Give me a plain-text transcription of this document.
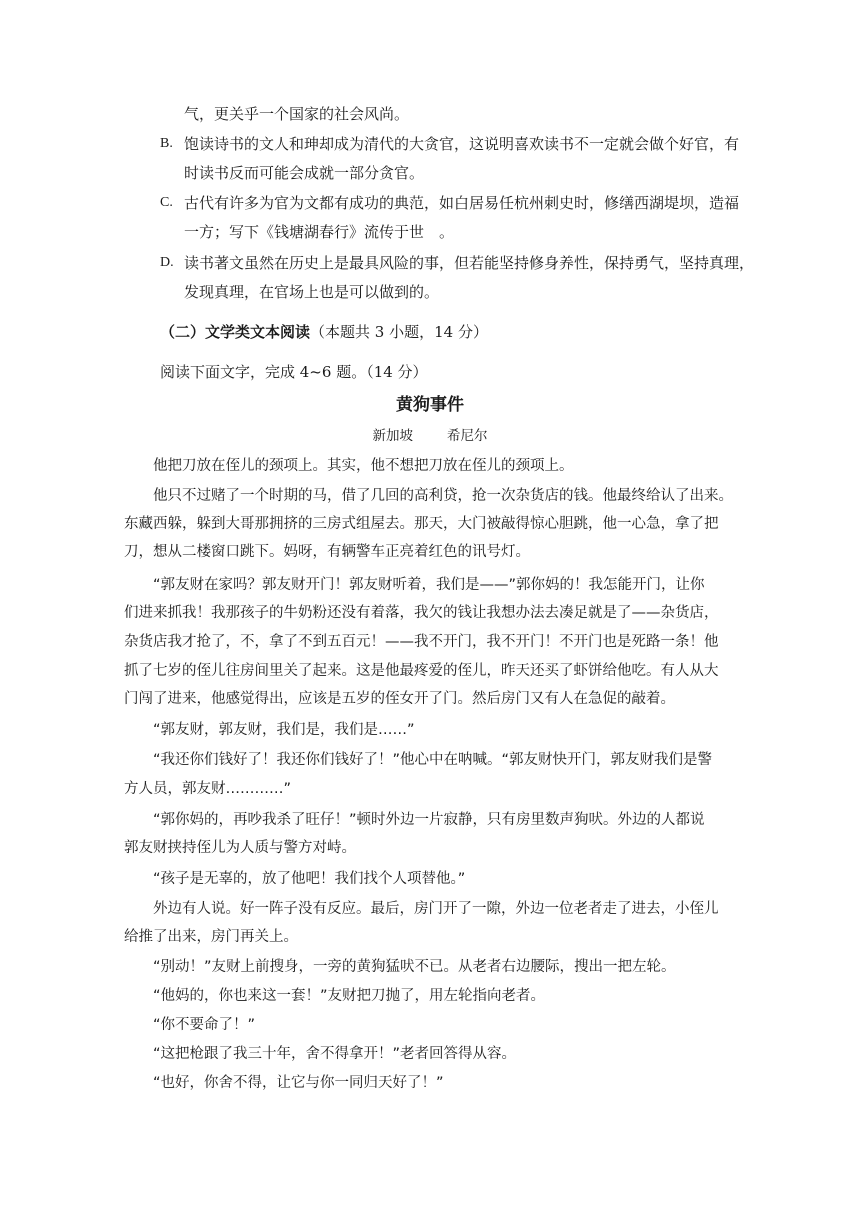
气，更关乎一个国家的社会风尚。
B. 饱读诗书的文人和珅却成为清代的大贪官，这说明喜欢读书不一定就会做个好官，有
时读书反而可能会成就一部分贪官。
C. 古代有许多为官为文都有成功的典范，如白居易任杭州刺史时，修缮西湖堤坝，造福
一方；写下《钱塘湖春行》流传于世　。
D. 读书著文虽然在历史上是最具风险的事，但若能坚持修身养性，保持勇气，坚持真理，
发现真理，在官场上也是可以做到的。
（二）文学类文本阅读（本题共 3 小题，14 分）
阅读下面文字，完成 4~6 题。（14 分）
黄狗事件
新加坡	希尼尔
他把刀放在侄儿的颈项上。其实，他不想把刀放在侄儿的颈项上。
他只不过赌了一个时期的马，借了几回的高利贷，抢一次杂货店的钱。他最终给认了出来。
东藏西躲，躲到大哥那拥挤的三房式组屋去。那天，大门被敲得惊心胆跳，他一心急，拿了把
刀，想从二楼窗口跳下。妈呀，有辆警车正亮着红色的讯号灯。
“郭友财在家吗？郭友财开门！郭友财听着，我们是——”郭你妈的！我怎能开门，让你
们进来抓我！我那孩子的牛奶粉还没有着落，我欠的钱让我想办法去凑足就是了——杂货店，
杂货店我才抢了，不，拿了不到五百元！——我不开门，我不开门！不开门也是死路一条！他
抓了七岁的侄儿往房间里关了起来。这是他最疼爱的侄儿，昨天还买了虾饼给他吃。有人从大
门闯了进来，他感觉得出，应该是五岁的侄女开了门。然后房门又有人在急促的敲着。
“郭友财，郭友财，我们是，我们是……”
“我还你们钱好了！我还你们钱好了！”他心中在呐喊。“郭友财快开门，郭友财我们是警
方人员，郭友财…………”
“郭你妈的，再吵我杀了旺仔！”顿时外边一片寂静，只有房里数声狗吠。外边的人都说
郭友财挟持侄儿为人质与警方对峙。
“孩子是无辜的，放了他吧！我们找个人项替他。”
外边有人说。好一阵子没有反应。最后，房门开了一隙，外边一位老者走了进去，小侄儿
给推了出来，房门再关上。
“别动！”友财上前搜身，一旁的黄狗猛吠不已。从老者右边腰际，搜出一把左轮。
“他妈的，你也来这一套！”友财把刀抛了，用左轮指向老者。
“你不要命了！”
“这把枪跟了我三十年，舍不得拿开！”老者回答得从容。
“也好，你舍不得，让它与你一同归天好了！”
